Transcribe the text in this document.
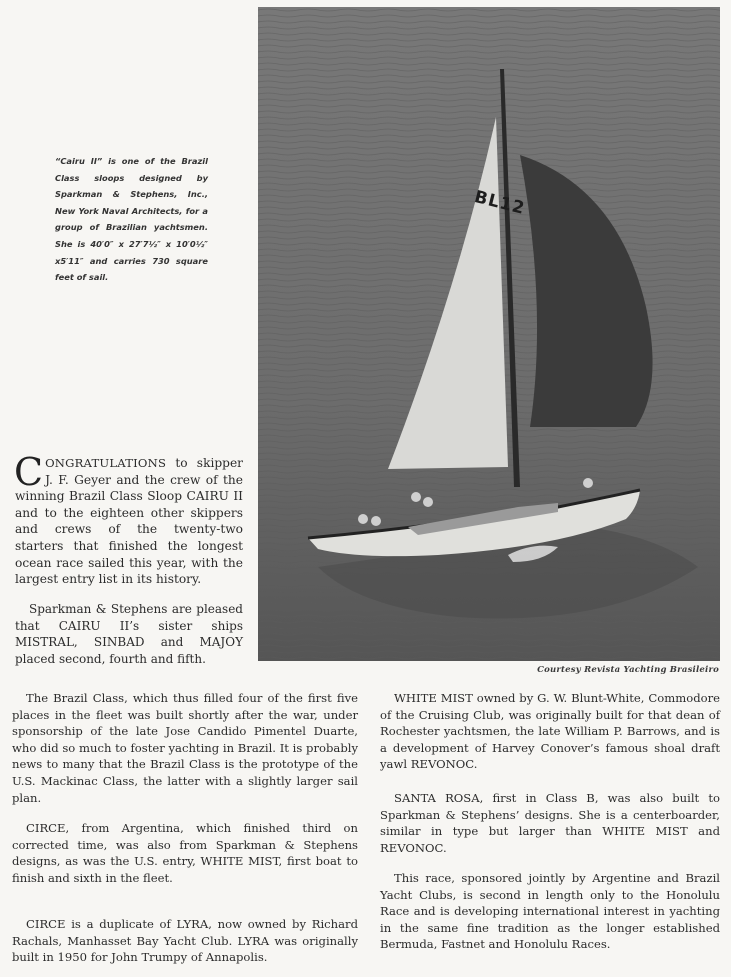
BL12
Courtesy Revista Yachting Brasileiro
“Cairu II” is one of the Brazil Class sloops designed by Sparkman & Stephens, Inc., New York Naval Architects, for a group of Brazilian yachtsmen. She is 40′0″ x 27′7½″ x 10′0½″ x5′11″ and carries 730 square feet of sail.
CONGRATULATIONS to skipper J. F. Geyer and the crew of the winning Brazil Class Sloop CAIRU II and to the eighteen other skippers and crews of the twenty-two starters that finished the longest ocean race sailed this year, with the largest entry list in its history.
Sparkman & Stephens are pleased that CAIRU II’s sister ships MISTRAL, SINBAD and MAJOY placed second, fourth and fifth.
The Brazil Class, which thus filled four of the first five places in the fleet was built shortly after the war, under sponsorship of the late Jose Candido Pimentel Duarte, who did so much to foster yachting in Brazil. It is probably news to many that the Brazil Class is the prototype of the U.S. Mackinac Class, the latter with a slightly larger sail plan.
CIRCE, from Argentina, which finished third on corrected time, was also from Sparkman & Stephens designs, as was the U.S. entry, WHITE MIST, first boat to finish and sixth in the fleet.
CIRCE is a duplicate of LYRA, now owned by Richard Rachals, Manhasset Bay Yacht Club. LYRA was originally built in 1950 for John Trumpy of Annapolis.
WHITE MIST owned by G. W. Blunt-White, Commodore of the Cruising Club, was originally built for that dean of Rochester yachtsmen, the late William P. Barrows, and is a development of Harvey Conover’s famous shoal draft yawl REVONOC.
SANTA ROSA, first in Class B, was also built to Sparkman & Stephens’ designs. She is a centerboarder, similar in type but larger than WHITE MIST and REVONOC.
This race, sponsored jointly by Argentine and Brazil Yacht Clubs, is second in length only to the Honolulu Race and is developing international interest in yachting in the same fine tradition as the longer established Bermuda, Fastnet and Honolulu Races.
